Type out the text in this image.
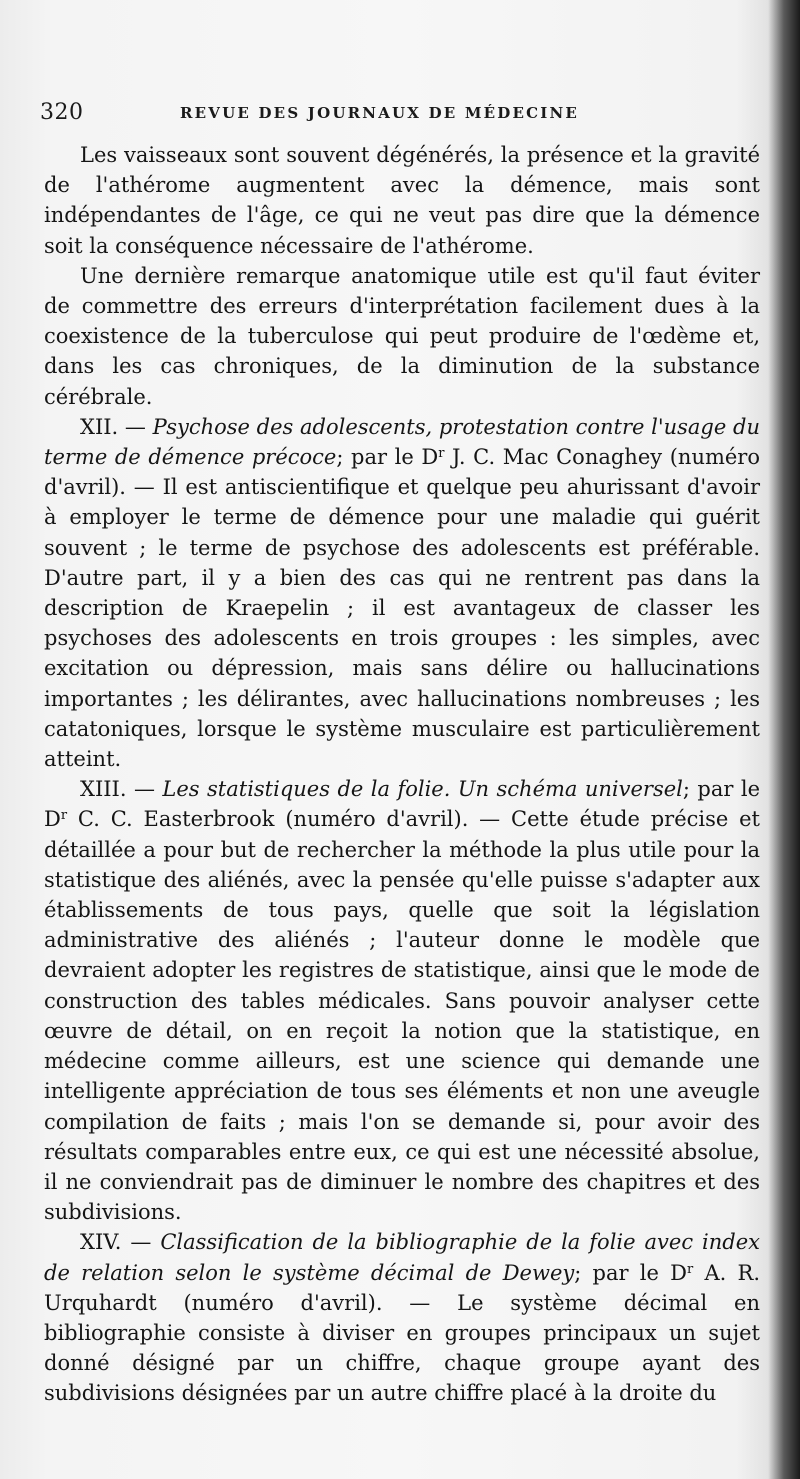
320	REVUE DES JOURNAUX DE MÉDECINE

Les vaisseaux sont souvent dégénérés, la présence et la gravité de l'athérome augmentent avec la démence, mais sont indépendantes de l'âge, ce qui ne veut pas dire que la démence soit la conséquence nécessaire de l'athérome.

Une dernière remarque anatomique utile est qu'il faut éviter de commettre des erreurs d'interprétation facilement dues à la coexistence de la tuberculose qui peut produire de l'œdème et, dans les cas chroniques, de la diminution de la substance cérébrale.

XII. — Psychose des adolescents, protestation contre l'usage du terme de démence précoce; par le $D^r$ J. C. Mac Conaghey (numéro d'avril). — Il est antiscientifique et quelque peu ahurissant d'avoir à employer le terme de démence pour une maladie qui guérit souvent ; le terme de psychose des adolescents est préférable. D'autre part, il y a bien des cas qui ne rentrent pas dans la description de Kraepelin ; il est avantageux de classer les psychoses des adolescents en trois groupes : les simples, avec excitation ou dépression, mais sans délire ou hallucinations importantes ; les délirantes, avec hallucinations nombreuses ; les catatoniques, lorsque le système musculaire est particulièrement atteint.

XIII. — Les statistiques de la folie. Un schéma universel; par le $D^r$ C. C. Easterbrook (numéro d'avril). — Cette étude précise et détaillée a pour but de rechercher la méthode la plus utile pour la statistique des aliénés, avec la pensée qu'elle puisse s'adapter aux établissements de tous pays, quelle que soit la législation administrative des aliénés ; l'auteur donne le modèle que devraient adopter les registres de statistique, ainsi que le mode de construction des tables médicales. Sans pouvoir analyser cette œuvre de détail, on en reçoit la notion que la statistique, en médecine comme ailleurs, est une science qui demande une intelligente appréciation de tous ses éléments et non une aveugle compilation de faits ; mais l'on se demande si, pour avoir des résultats comparables entre eux, ce qui est une nécessité absolue, il ne conviendrait pas de diminuer le nombre des chapitres et des subdivisions.

XIV. — Classification de la bibliographie de la folie avec index de relation selon le système décimal de Dewey; par le $D^r$ A. R. Urquhardt (numéro d'avril). — Le système décimal en bibliographie consiste à diviser en groupes principaux un sujet donné désigné par un chiffre, chaque groupe ayant des subdivisions désignées par un autre chiffre placé à la droite du
